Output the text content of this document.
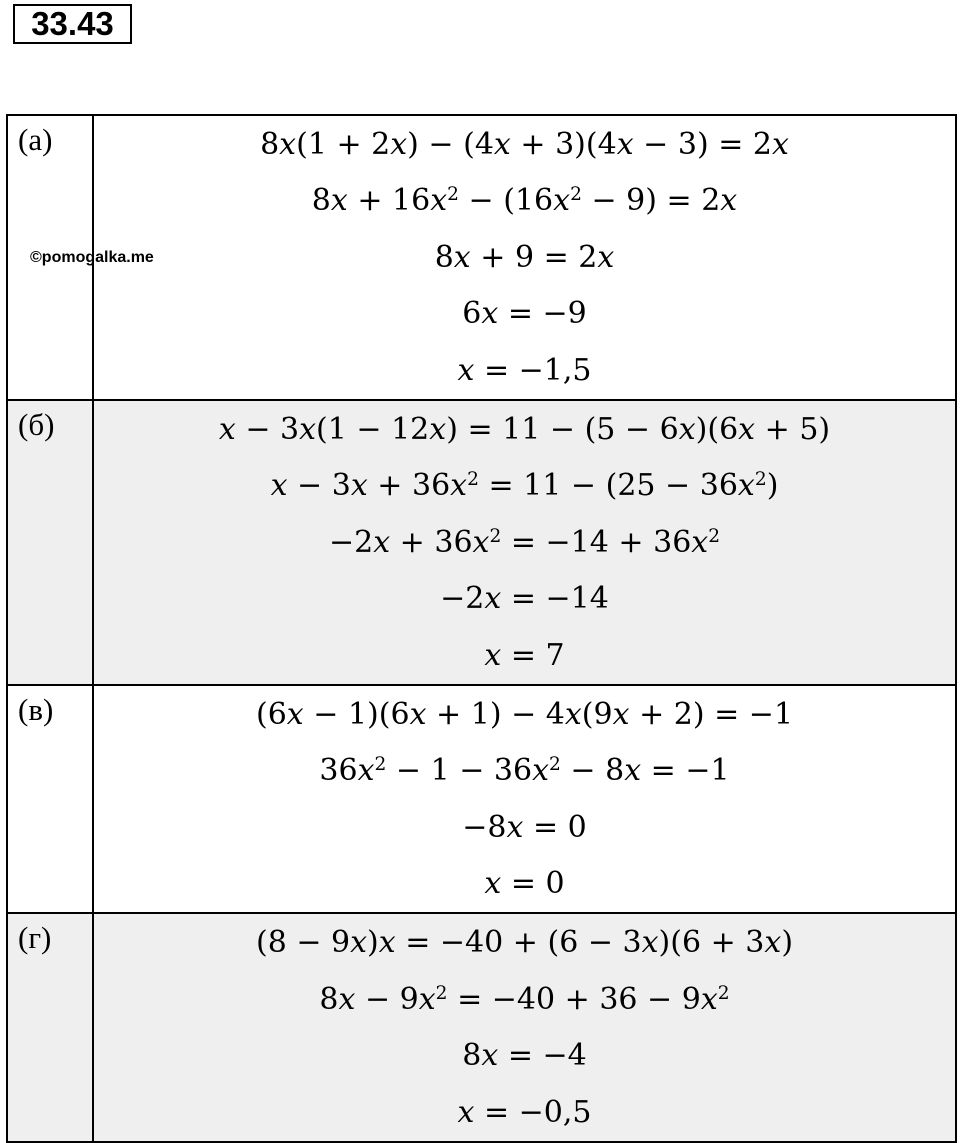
33.43
(а)	8x(1 + 2x) − (4x + 3)(4x − 3) = 2x
$8x + 16x^2 - (16x^2 - 9) = 2x$
8x + 9 = 2x
6x = −9
x = −1,5

(б)	x − 3x(1 − 12x) = 11 − (5 − 6x)(6x + 5)
$x - 3x + 36x^2 = 11 - (25 - 36x^2)$
$-2x + 36x^2 = -14 + 36x^2$
−2x = −14
x = 7

(в)	(6x − 1)(6x + 1) − 4x(9x + 2) = −1
$36x^2 - 1 - 36x^2 - 8x = -1$
−8x = 0
x = 0

(г)	(8 − 9x)x = −40 + (6 − 3x)(6 + 3x)
$8x - 9x^2 = -40 + 36 - 9x^2$
8x = −4
x = −0,5
©pomogalka.me
